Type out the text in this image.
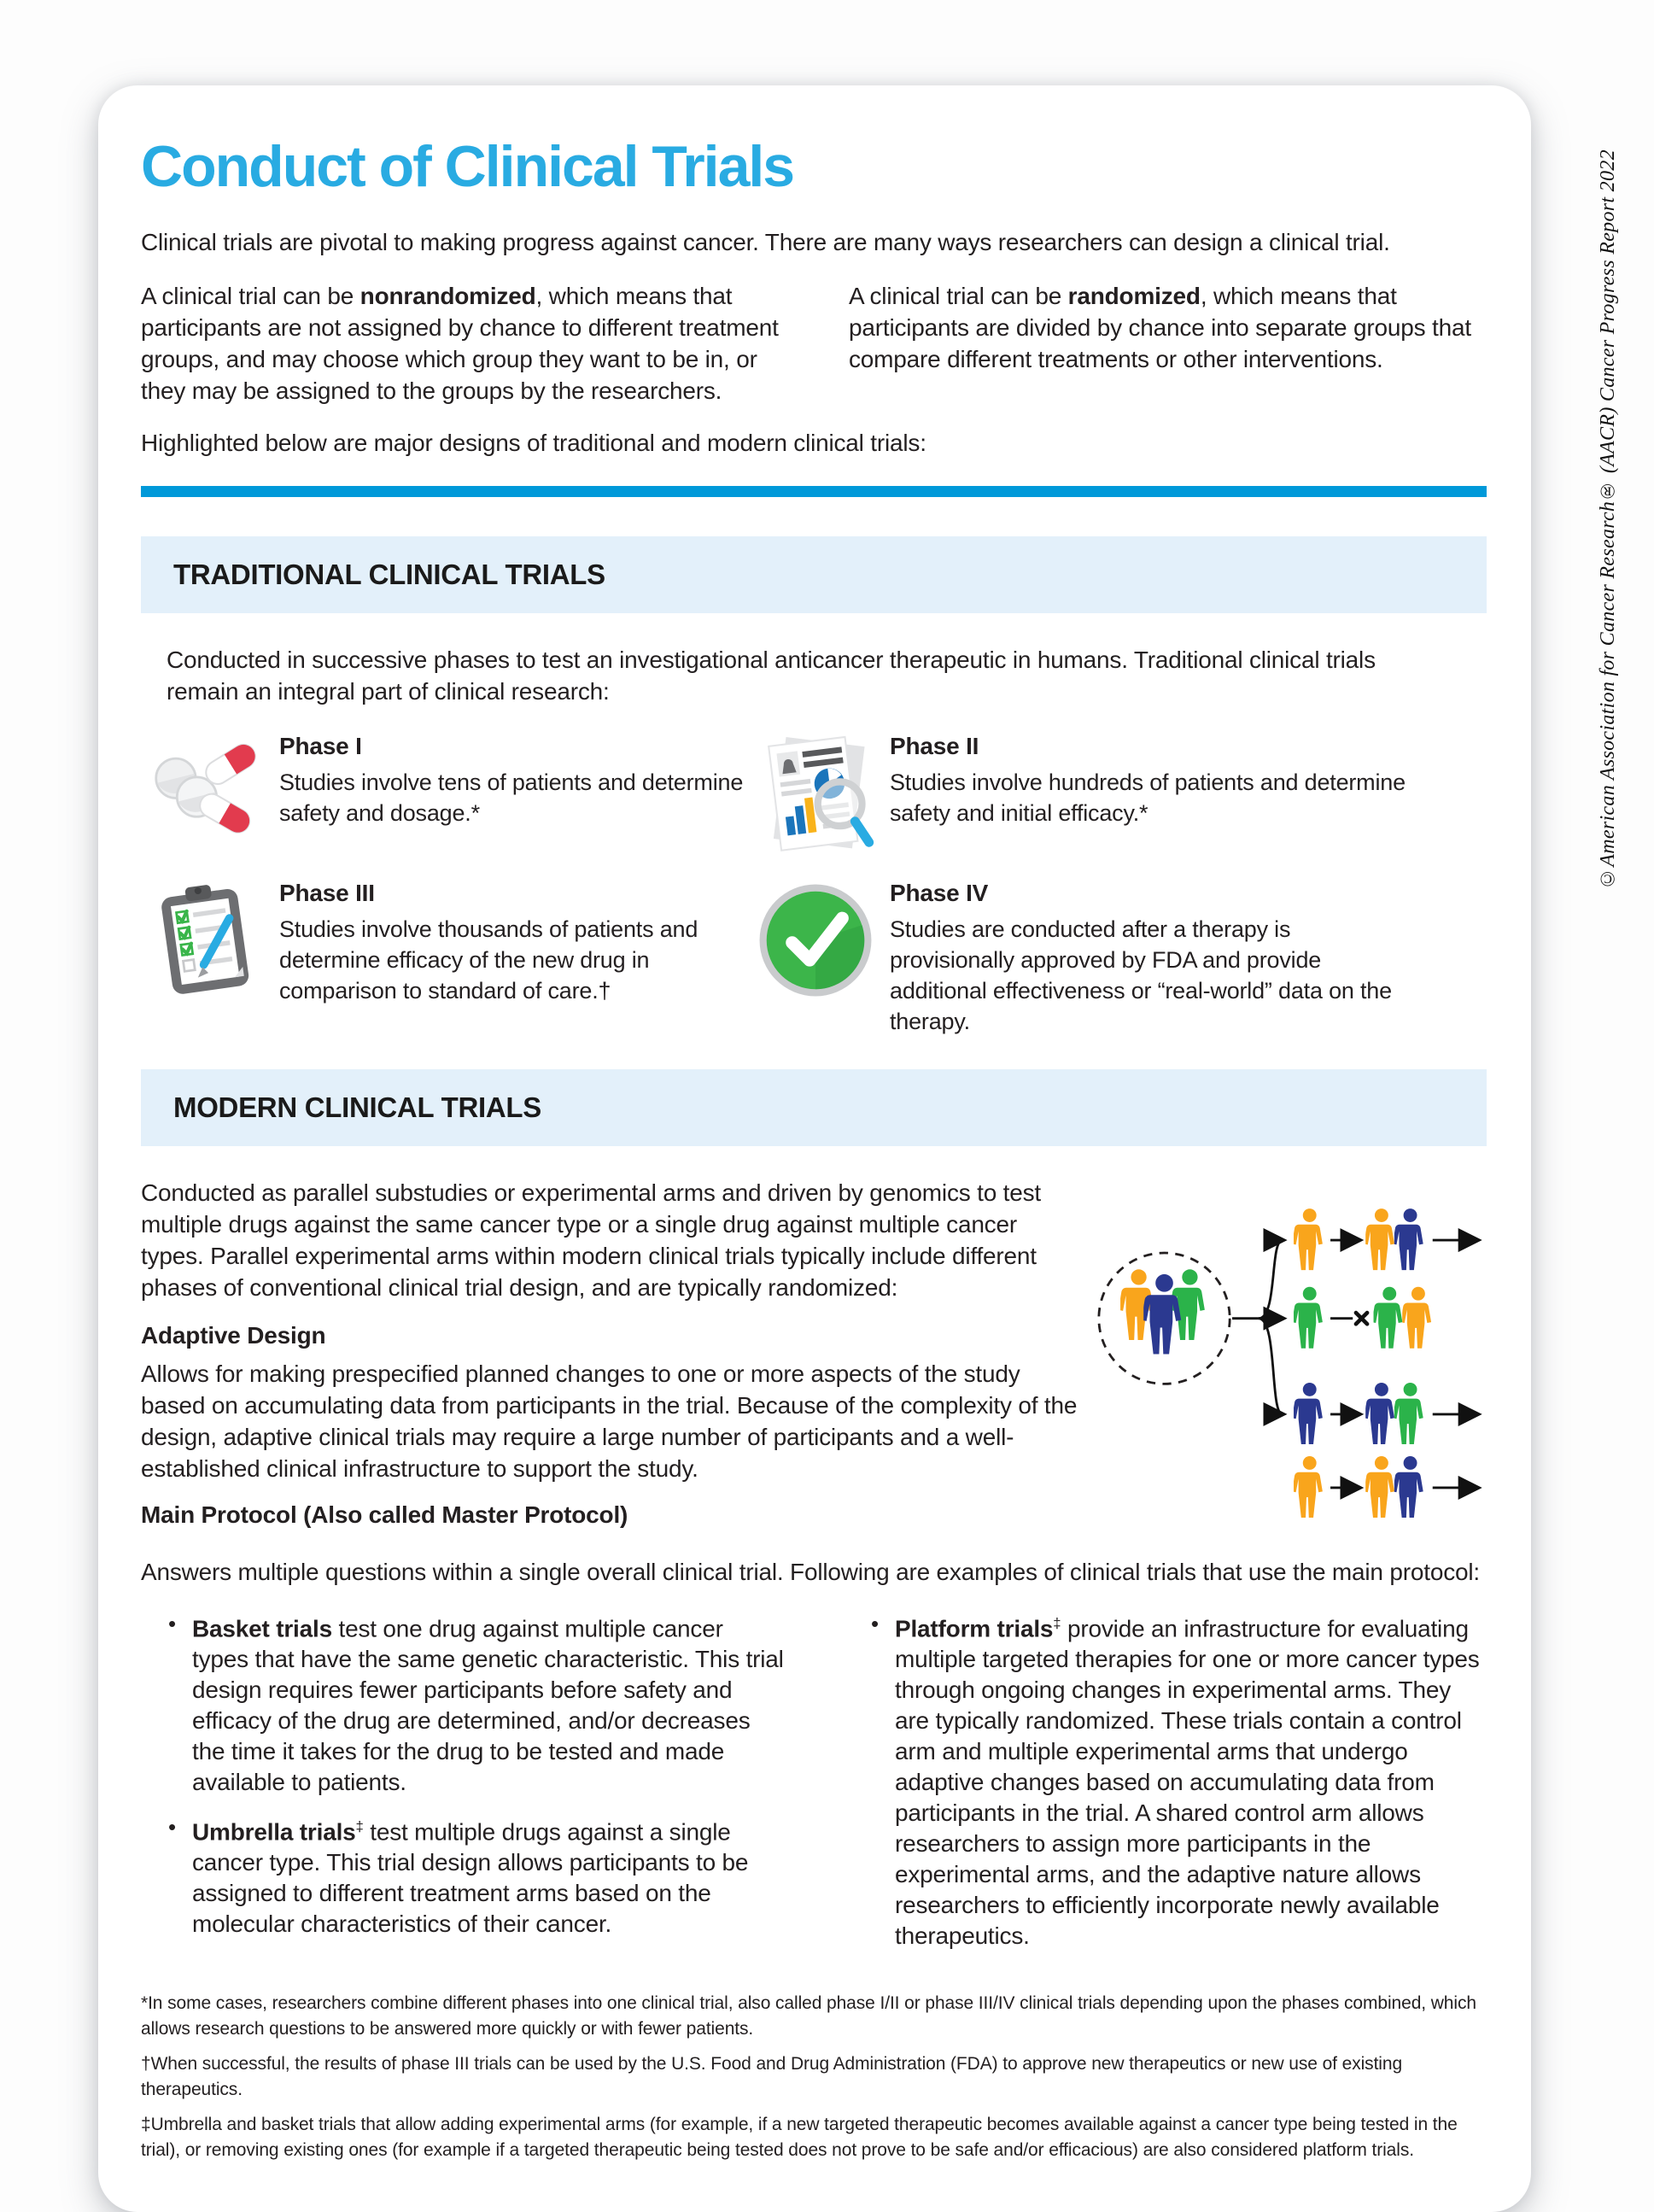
©American Association for Cancer Research® (AACR) Cancer Progress Report 2022
Conduct of Clinical Trials

Clinical trials are pivotal to making progress against cancer. There are many ways researchers can design a clinical trial.

A clinical trial can be nonrandomized, which means that participants are not assigned by chance to different treatment groups, and may choose which group they want to be in, or they may be assigned to the groups by the researchers.

A clinical trial can be randomized, which means that participants are divided by chance into separate groups that compare different treatments or other interventions.

Highlighted below are major designs of traditional and modern clinical trials:

TRADITIONAL CLINICAL TRIALS

Conducted in successive phases to test an investigational anticancer therapeutic in humans. Traditional clinical trials remain an integral part of clinical research:

Phase I

Studies involve tens of patients and determine safety and dosage.*

Phase II

Studies involve hundreds of patients and determine safety and initial efficacy.*

Phase III

Studies involve thousands of patients and determine efficacy of the new drug in comparison to standard of care.†

Phase IV

Studies are conducted after a therapy is provisionally approved by FDA and provide additional effectiveness or “real-world” data on the therapy.

MODERN CLINICAL TRIALS

Conducted as parallel substudies or experimental arms and driven by genomics to test multiple drugs against the same cancer type or a single drug against multiple cancer types. Parallel experimental arms within modern clinical trials typically include different phases of conventional clinical trial design, and are typically randomized:

Adaptive Design

Allows for making prespecified planned changes to one or more aspects of the study based on accumulating data from participants in the trial. Because of the complexity of the design, adaptive clinical trials may require a large number of participants and a well-established clinical infrastructure to support the study.

Main Protocol (Also called Master Protocol)

Answers multiple questions within a single overall clinical trial. Following are examples of clinical trials that use the main protocol:

• Basket trials test one drug against multiple cancer types that have the same genetic characteristic. This trial design requires fewer participants before safety and efficacy of the drug are determined, and/or decreases the time it takes for the drug to be tested and made available to patients.
• Umbrella trials‡ test multiple drugs against a single cancer type. This trial design allows participants to be assigned to different treatment arms based on the molecular characteristics of their cancer.
• Platform trials‡ provide an infrastructure for evaluating multiple targeted therapies for one or more cancer types through ongoing changes in experimental arms. They are typically randomized. These trials contain a control arm and multiple experimental arms that undergo adaptive changes based on accumulating data from participants in the trial. A shared control arm allows researchers to assign more participants in the experimental arms, and the adaptive nature allows researchers to efficiently incorporate newly available therapeutics.

*In some cases, researchers combine different phases into one clinical trial, also called phase I/II or phase III/IV clinical trials depending upon the phases combined, which allows research questions to be answered more quickly or with fewer patients.

†When successful, the results of phase III trials can be used by the U.S. Food and Drug Administration (FDA) to approve new therapeutics or new use of existing therapeutics.

‡Umbrella and basket trials that allow adding experimental arms (for example, if a new targeted therapeutic becomes available against a cancer type being tested in the trial), or removing existing ones (for example if a targeted therapeutic being tested does not prove to be safe and/or efficacious) are also considered platform trials.
